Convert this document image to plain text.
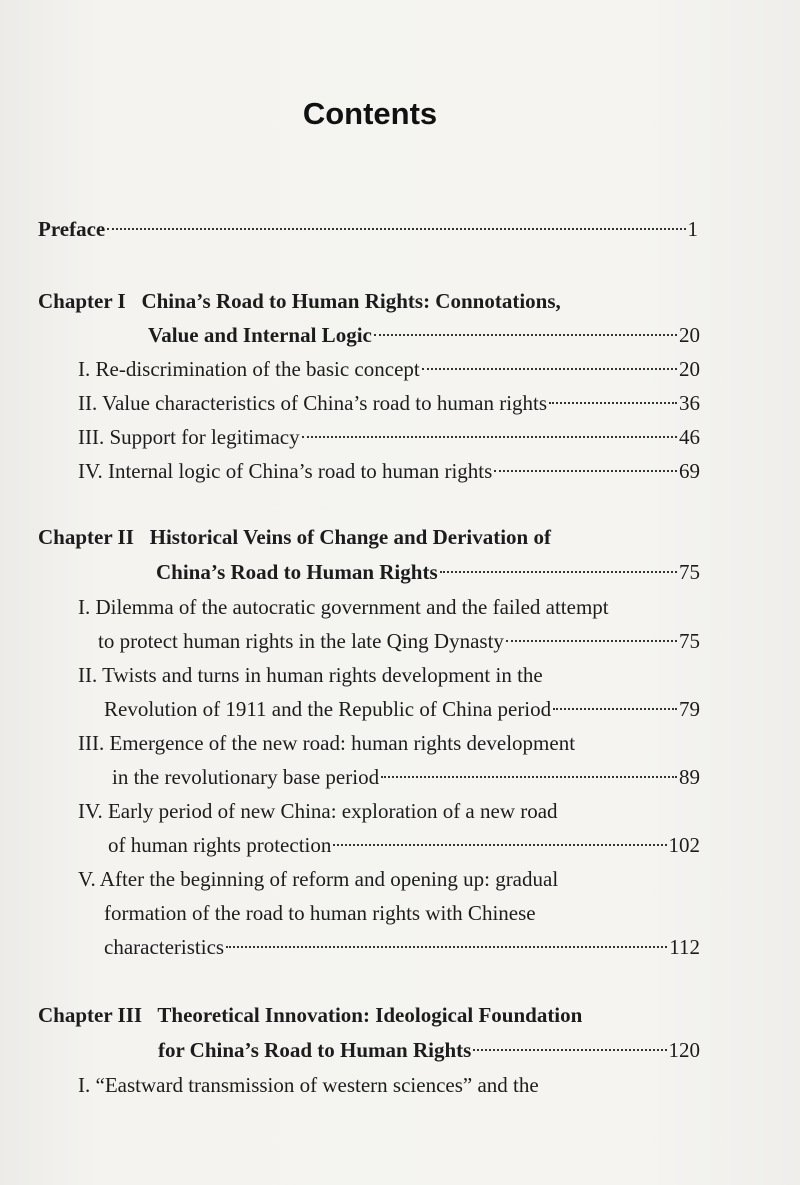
Contents
Preface	1
Chapter I China’s Road to Human Rights: Connotations,
Value and Internal Logic	20
I. Re-discrimination of the basic concept	20
II. Value characteristics of China’s road to human rights	36
III. Support for legitimacy	46
IV. Internal logic of China’s road to human rights	69
Chapter II Historical Veins of Change and Derivation of
China’s Road to Human Rights	75
I. Dilemma of the autocratic government and the failed attempt
to protect human rights in the late Qing Dynasty	75
II. Twists and turns in human rights development in the
Revolution of 1911 and the Republic of China period	79
III. Emergence of the new road: human rights development
in the revolutionary base period	89
IV. Early period of new China: exploration of a new road
of human rights protection	102
V. After the beginning of reform and opening up: gradual
formation of the road to human rights with Chinese
characteristics	112
Chapter III Theoretical Innovation: Ideological Foundation
for China’s Road to Human Rights	120
I. “Eastward transmission of western sciences” and the
